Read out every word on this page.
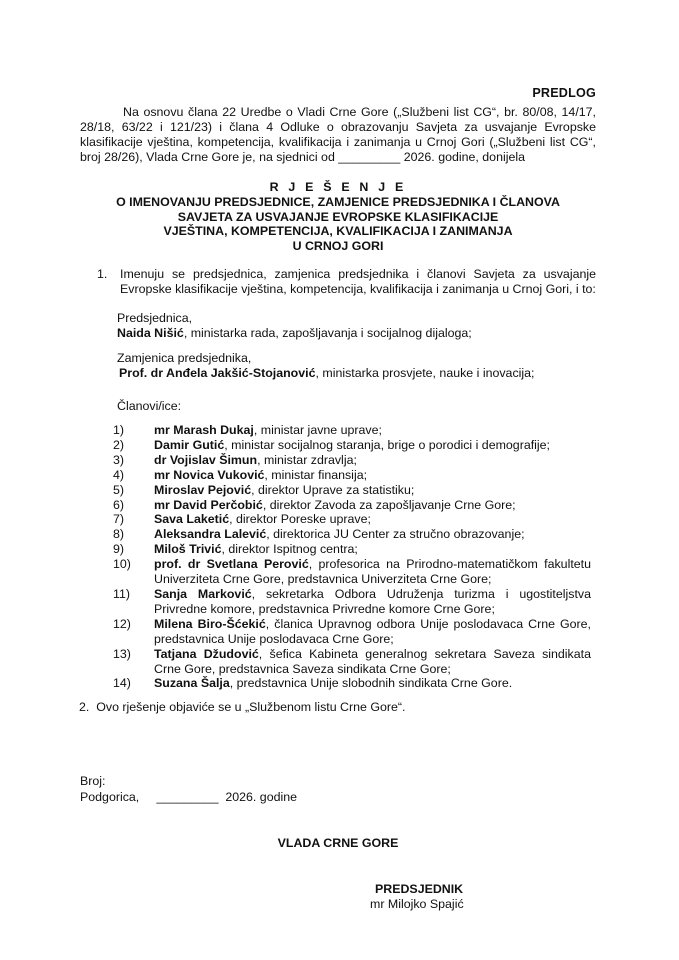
PREDLOG
Na osnovu člana 22 Uredbe o Vladi Crne Gore („Službeni list CG“, br. 80/08, 14/17, 28/18, 63/22 i 121/23) i člana 4 Odluke o obrazovanju Savjeta za usvajanje Evropske klasifikacije vještina, kompetencija, kvalifikacija i zanimanja u Crnoj Gori („Službeni list CG“, broj 28/26), Vlada Crne Gore je, na sjednici od _________ 2026. godine, donijela
R J E Š E N J E
O IMENOVANJU PREDSJEDNICE, ZAMJENICE PREDSJEDNIKA I ČLANOVA
SAVJETA ZA USVAJANJE EVROPSKE KLASIFIKACIJE
VJEŠTINA, KOMPETENCIJA, KVALIFIKACIJA I ZANIMANJA
U CRNOJ GORI
1. Imenuju se predsjednica, zamjenica predsjednika i članovi Savjeta za usvajanje Evropske klasifikacije vještina, kompetencija, kvalifikacija i zanimanja u Crnoj Gori, i to:
Predsjednica,
Naida Nišić, ministarka rada, zapošljavanja i socijalnog dijaloga;
Zamjenica predsjednika,
Prof. dr Anđela Jakšić-Stojanović, ministarka prosvjete, nauke i inovacija;
Članovi/ice:
1)	mr Marash Dukaj, ministar javne uprave;
2)	Damir Gutić, ministar socijalnog staranja, brige o porodici i demografije;
3)	dr Vojislav Šimun, ministar zdravlja;
4)	mr Novica Vuković, ministar finansija;
5)	Miroslav Pejović, direktor Uprave za statistiku;
6)	mr David Perčobić, direktor Zavoda za zapošljavanje Crne Gore;
7)	Sava Laketić, direktor Poreske uprave;
8)	Aleksandra Lalević, direktorica JU Center za stručno obrazovanje;
9)	Miloš Trivić, direktor Ispitnog centra;
10)	prof. dr Svetlana Perović, profesorica na Prirodno-matematičkom fakultetu Univerziteta Crne Gore, predstavnica Univerziteta Crne Gore;
11)	Sanja Marković, sekretarka Odbora Udruženja turizma i ugostiteljstva Privredne komore, predstavnica Privredne komore Crne Gore;
12)	Milena Biro-Šćekić, članica Upravnog odbora Unije poslodavaca Crne Gore, predstavnica Unije poslodavaca Crne Gore;
13)	Tatjana Džudović, šefica Kabineta generalnog sekretara Saveza sindikata Crne Gore, predstavnica Saveza sindikata Crne Gore;
14)	Suzana Šalja, predstavnica Unije slobodnih sindikata Crne Gore.
2. Ovo rješenje objaviće se u „Službenom listu Crne Gore“.
Broj:
Podgorica,     _________  2026. godine
VLADA CRNE GORE
PREDSJEDNIK
mr Milojko Spajić
